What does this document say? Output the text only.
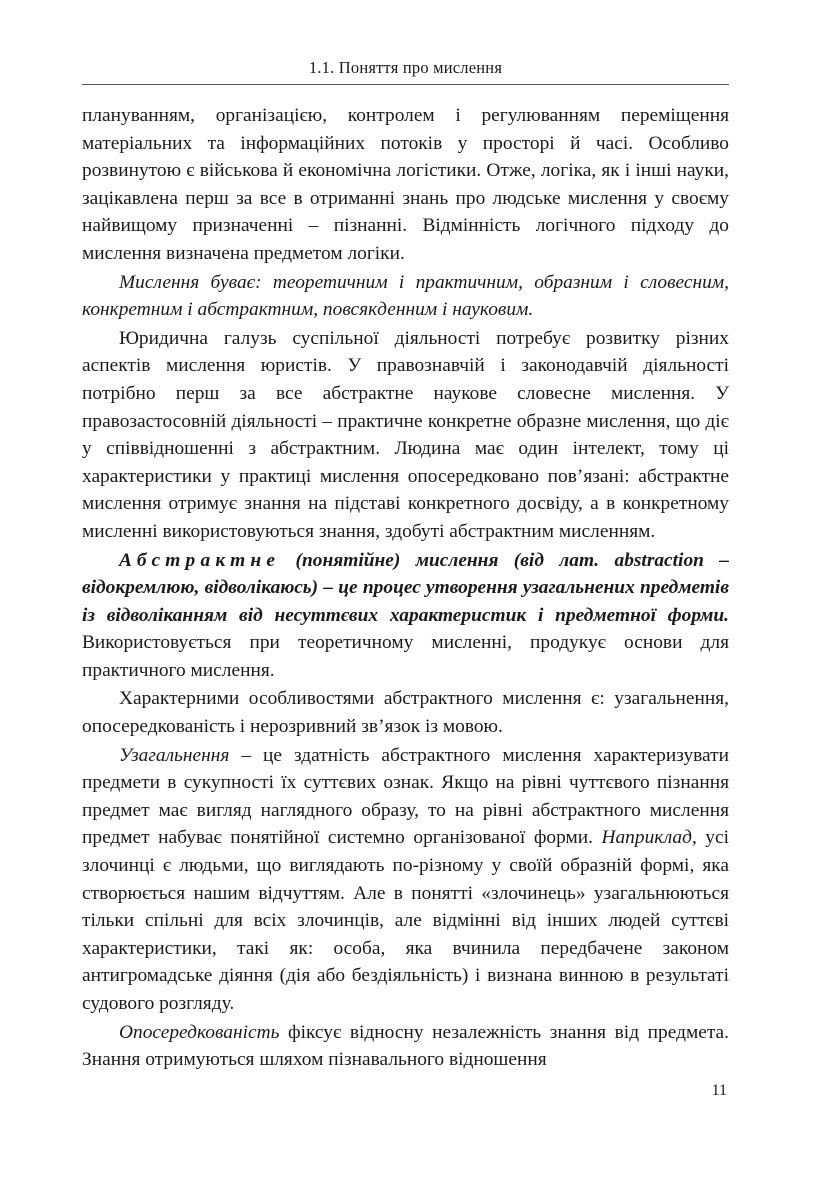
1.1. Поняття про мислення

плануванням, організацією, контролем і регулюванням переміщення матеріальних та інформаційних потоків у просторі й часі. Особливо розвинутою є військова й економічна логістики. Отже, логіка, як і інші науки, зацікавлена перш за все в отриманні знань про людське мислення у своєму найвищому призначенні – пізнанні. Відмінність логічного підходу до мислення визначена предметом логіки.

Мислення буває: теоретичним і практичним, образним і словесним, конкретним і абстрактним, повсякденним і науковим.

Юридична галузь суспільної діяльності потребує розвитку різних аспектів мислення юристів. У правознавчій і законодавчій діяльності потрібно перш за все абстрактне наукове словесне мислення. У правозастосовній діяльності – практичне конкретне образне мислення, що діє у співвідношенні з абстрактним. Людина має один інтелект, тому ці характеристики у практиці мислення опосередковано пов’язані: абстрактне мислення отримує знання на підставі конкретного досвіду, а в конкретному мисленні використовуються знання, здобуті абстрактним мисленням.

Абстрактне (понятійне) мислення (від лат. abstraction – відокремлюю, відволікаюсь) – це процес утворення узагальнених предметів із відволіканням від несуттєвих характеристик і предметної форми. Використовується при теоретичному мисленні, продукує основи для практичного мислення.

Характерними особливостями абстрактного мислення є: узагальнення, опосередкованість і нерозривний зв’язок із мовою.

Узагальнення – це здатність абстрактного мислення характеризувати предмети в сукупності їх суттєвих ознак. Якщо на рівні чуттєвого пізнання предмет має вигляд наглядного образу, то на рівні абстрактного мислення предмет набуває понятійної системно організованої форми. Наприклад, усі злочинці є людьми, що виглядають по-різному у своїй образній формі, яка створюється нашим відчуттям. Але в понятті «злочинець» узагальнюються тільки спільні для всіх злочинців, але відмінні від інших людей суттєві характеристики, такі як: особа, яка вчинила передбачене законом антигромадське діяння (дія або бездіяльність) і визнана винною в результаті судового розгляду.

Опосередкованість фіксує відносну незалежність знання від предмета. Знання отримуються шляхом пізнавального відношення

11
